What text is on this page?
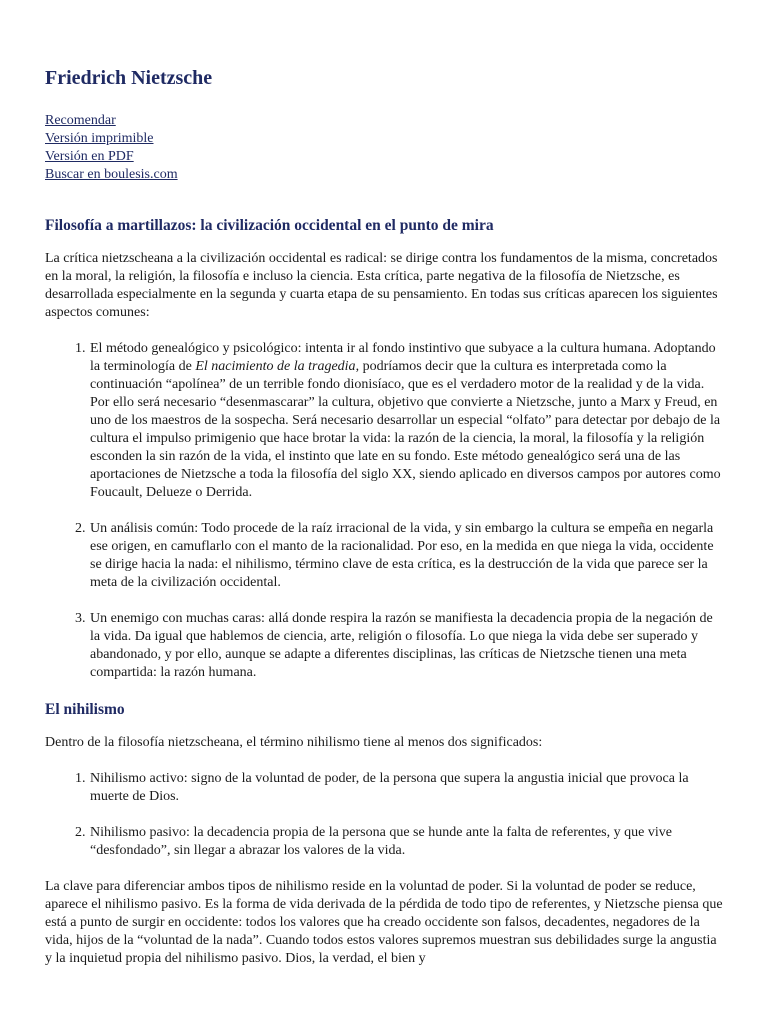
Friedrich Nietzsche
Recomendar
Versión imprimible
Versión en PDF
Buscar en boulesis.com
Filosofía a martillazos: la civilización occidental en el punto de mira

La crítica nietzscheana a la civilización occidental es radical: se dirige contra los fundamentos de la misma, concretados en la moral, la religión, la filosofía e incluso la ciencia. Esta crítica, parte negativa de la filosofía de Nietzsche, es desarrollada especialmente en la segunda y cuarta etapa de su pensamiento. En todas sus críticas aparecen los siguientes aspectos comunes:

1. El método genealógico y psicológico: intenta ir al fondo instintivo que subyace a la cultura humana. Adoptando la terminología de El nacimiento de la tragedia, podríamos decir que la cultura es interpretada como la continuación “apolínea” de un terrible fondo dionisíaco, que es el verdadero motor de la realidad y de la vida. Por ello será necesario “desenmascarar” la cultura, objetivo que convierte a Nietzsche, junto a Marx y Freud, en uno de los maestros de la sospecha. Será necesario desarrollar un especial “olfato” para detectar por debajo de la cultura el impulso primigenio que hace brotar la vida: la razón de la ciencia, la moral, la filosofía y la religión esconden la sin razón de la vida, el instinto que late en su fondo. Este método genealógico será una de las aportaciones de Nietzsche a toda la filosofía del siglo XX, siendo aplicado en diversos campos por autores como Foucault, Delueze o Derrida.
2. Un análisis común: Todo procede de la raíz irracional de la vida, y sin embargo la cultura se empeña en negarla ese origen, en camuflarlo con el manto de la racionalidad. Por eso, en la medida en que niega la vida, occidente se dirige hacia la nada: el nihilismo, término clave de esta crítica, es la destrucción de la vida que parece ser la meta de la civilización occidental.
3. Un enemigo con muchas caras: allá donde respira la razón se manifiesta la decadencia propia de la negación de la vida. Da igual que hablemos de ciencia, arte, religión o filosofía. Lo que niega la vida debe ser superado y abandonado, y por ello, aunque se adapte a diferentes disciplinas, las críticas de Nietzsche tienen una meta compartida: la razón humana.
El nihilismo

Dentro de la filosofía nietzscheana, el término nihilismo tiene al menos dos significados:

1. Nihilismo activo: signo de la voluntad de poder, de la persona que supera la angustia inicial que provoca la muerte de Dios.
2. Nihilismo pasivo: la decadencia propia de la persona que se hunde ante la falta de referentes, y que vive “desfondado”, sin llegar a abrazar los valores de la vida.

La clave para diferenciar ambos tipos de nihilismo reside en la voluntad de poder. Si la voluntad de poder se reduce, aparece el nihilismo pasivo. Es la forma de vida derivada de la pérdida de todo tipo de referentes, y Nietzsche piensa que está a punto de surgir en occidente: todos los valores que ha creado occidente son falsos, decadentes, negadores de la vida, hijos de la “voluntad de la nada”. Cuando todos estos valores supremos muestran sus debilidades surge la angustia y la inquietud propia del nihilismo pasivo. Dios, la verdad, el bien y
